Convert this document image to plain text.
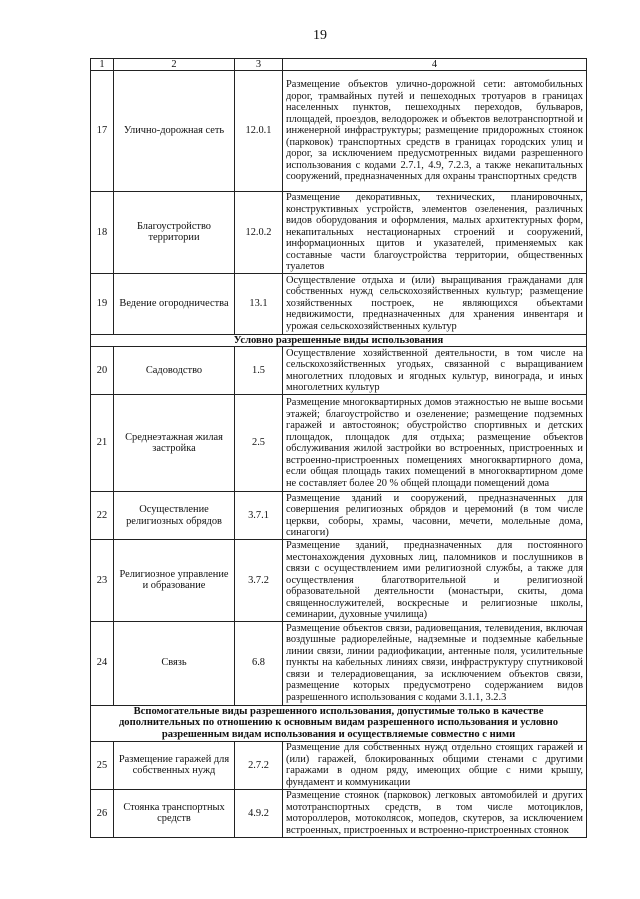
19
1	2	3	4
17	Улично-дорожная сеть	12.0.1	Размещение объектов улично-дорожной сети: автомобильных дорог, трамвайных путей и пешеходных тротуаров в границах населенных пунктов, пешеходных переходов, бульваров, площадей, проездов, велодорожек и объектов велотранспортной и инженерной инфраструктуры; размещение придорожных стоянок (парковок) транспортных средств в границах городских улиц и дорог, за исключением предусмотренных видами разрешенного использования с кодами 2.7.1, 4.9, 7.2.3, а также некапитальных сооружений, предназначенных для охраны транспортных средств
18	Благоустройство территории	12.0.2	Размещение декоративных, технических, планировочных, конструктивных устройств, элементов озеленения, различных видов оборудования и оформления, малых архитектурных форм, некапитальных нестационарных строений и сооружений, информационных щитов и указателей, применяемых как составные части благоустройства территории, общественных туалетов
19	Ведение огородничества	13.1	Осуществление отдыха и (или) выращивания гражданами для собственных нужд сельскохозяйственных культур; размещение хозяйственных построек, не являющихся объектами недвижимости, предназначенных для хранения инвентаря и урожая сельскохозяйственных культур
Условно разрешенные виды использования			
20	Садоводство	1.5	Осуществление хозяйственной деятельности, в том числе на сельскохозяйственных угодьях, связанной с выращиванием многолетних плодовых и ягодных культур, винограда, и иных многолетних культур
21	Среднеэтажная жилая застройка	2.5	Размещение многоквартирных домов этажностью не выше восьми этажей; благоустройство и озеленение; размещение подземных гаражей и автостоянок; обустройство спортивных и детских площадок, площадок для отдыха; размещение объектов обслуживания жилой застройки во встроенных, пристроенных и встроенно-пристроенных помещениях многоквартирного дома, если общая площадь таких помещений в многоквартирном доме не составляет более 20 % общей площади помещений дома
22	Осуществление религиозных обрядов	3.7.1	Размещение зданий и сооружений, предназначенных для совершения религиозных обрядов и церемоний (в том числе церкви, соборы, храмы, часовни, мечети, молельные дома, синагоги)
23	Религиозное управление и образование	3.7.2	Размещение зданий, предназначенных для постоянного местонахождения духовных лиц, паломников и послушников в связи с осуществлением ими религиозной службы, а также для осуществления благотворительной и религиозной образовательной деятельности (монастыри, скиты, дома священнослужителей, воскресные и религиозные школы, семинарии, духовные училища)
24	Связь	6.8	Размещение объектов связи, радиовещания, телевидения, включая воздушные радиорелейные, надземные и подземные кабельные линии связи, линии радиофикации, антенные поля, усилительные пункты на кабельных линиях связи, инфраструктуру спутниковой связи и телерадиовещания, за исключением объектов связи, размещение которых предусмотрено содержанием видов разрешенного использования с кодами 3.1.1, 3.2.3
Вспомогательные виды разрешенного использования, допустимые только в качестве дополнительных по отношению к основным видам разрешенного использования и условно разрешенным видам использования и осуществляемые совместно с ними			
25	Размещение гаражей для собственных нужд	2.7.2	Размещение для собственных нужд отдельно стоящих гаражей и (или) гаражей, блокированных общими стенами с другими гаражами в одном ряду, имеющих общие с ними крышу, фундамент и коммуникации
26	Стоянка транспортных средств	4.9.2	Размещение стоянок (парковок) легковых автомобилей и других мототранспортных средств, в том числе мотоциклов, мотороллеров, мотоколясок, мопедов, скутеров, за исключением встроенных, пристроенных и встроенно-пристроенных стоянок
